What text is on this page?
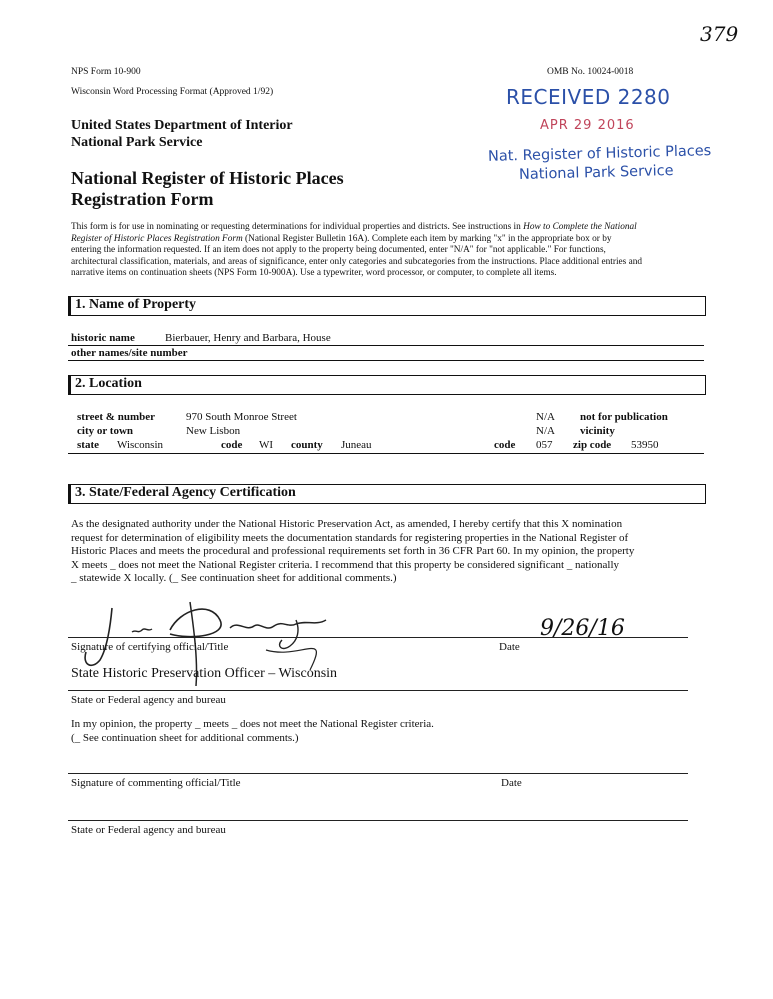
379
NPS Form 10-900
Wisconsin Word Processing Format (Approved 1/92)
OMB No. 10024-0018
United States Department of Interior
National Park Service
National Register of Historic Places
Registration Form
RECEIVED 2280
APR 29 2016
Nat. Register of Historic Places
National Park Service
This form is for use in nominating or requesting determinations for individual properties and districts. See instructions in How to Complete the National
Register of Historic Places Registration Form (National Register Bulletin 16A). Complete each item by marking "x" in the appropriate box or by
entering the information requested. If an item does not apply to the property being documented, enter "N/A" for "not applicable." For functions,
architectural classification, materials, and areas of significance, enter only categories and subcategories from the instructions. Place additional entries and
narrative items on continuation sheets (NPS Form 10-900A). Use a typewriter, word processor, or computer, to complete all items.
1. Name of Property
historic name	Bierbauer, Henry and Barbara, House
other names/site number
2. Location
street & number	970 South Monroe Street	N/A not for publication
city or town	New Lisbon	N/A vicinity
state Wisconsin	code WI county Juneau	code 057 zip code 53950
3. State/Federal Agency Certification
As the designated authority under the National Historic Preservation Act, as amended, I hereby certify that this X nomination
request for determination of eligibility meets the documentation standards for registering properties in the National Register of
Historic Places and meets the procedural and professional requirements set forth in 36 CFR Part 60. In my opinion, the property
X meets _ does not meet the National Register criteria. I recommend that this property be considered significant _ nationally
_ statewide X locally. (_ See continuation sheet for additional comments.)
Signature of certifying official/Title	Date
9/26/16
State Historic Preservation Officer – Wisconsin
State or Federal agency and bureau
In my opinion, the property _ meets _ does not meet the National Register criteria.
(_ See continuation sheet for additional comments.)
Signature of commenting official/Title	Date
State or Federal agency and bureau
